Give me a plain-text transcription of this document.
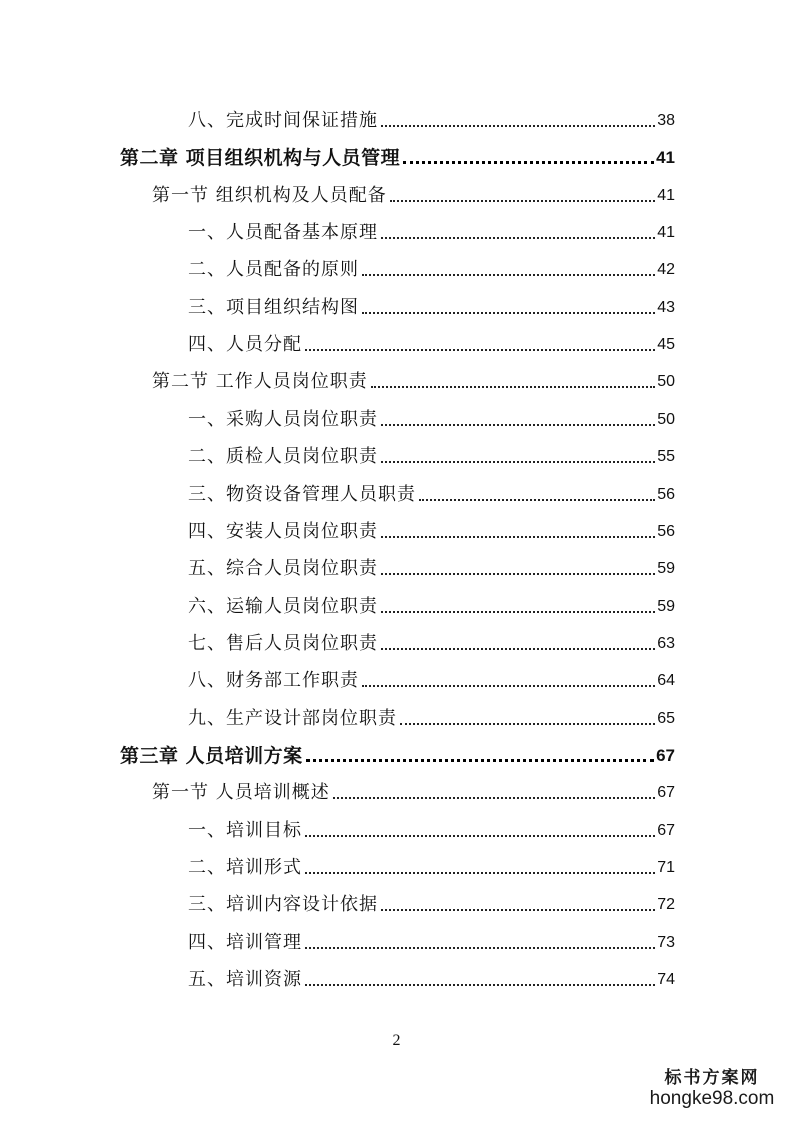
八、完成时间保证措施	38
第二章 项目组织机构与人员管理	41
第一节 组织机构及人员配备	41
一、人员配备基本原理	41
二、人员配备的原则	42
三、项目组织结构图	43
四、人员分配	45
第二节 工作人员岗位职责	50
一、采购人员岗位职责	50
二、质检人员岗位职责	55
三、物资设备管理人员职责	56
四、安装人员岗位职责	56
五、综合人员岗位职责	59
六、运输人员岗位职责	59
七、售后人员岗位职责	63
八、财务部工作职责	64
九、生产设计部岗位职责	65
第三章 人员培训方案	67
第一节 人员培训概述	67
一、培训目标	67
二、培训形式	71
三、培训内容设计依据	72
四、培训管理	73
五、培训资源	74
2
标书方案网
hongke98.com
